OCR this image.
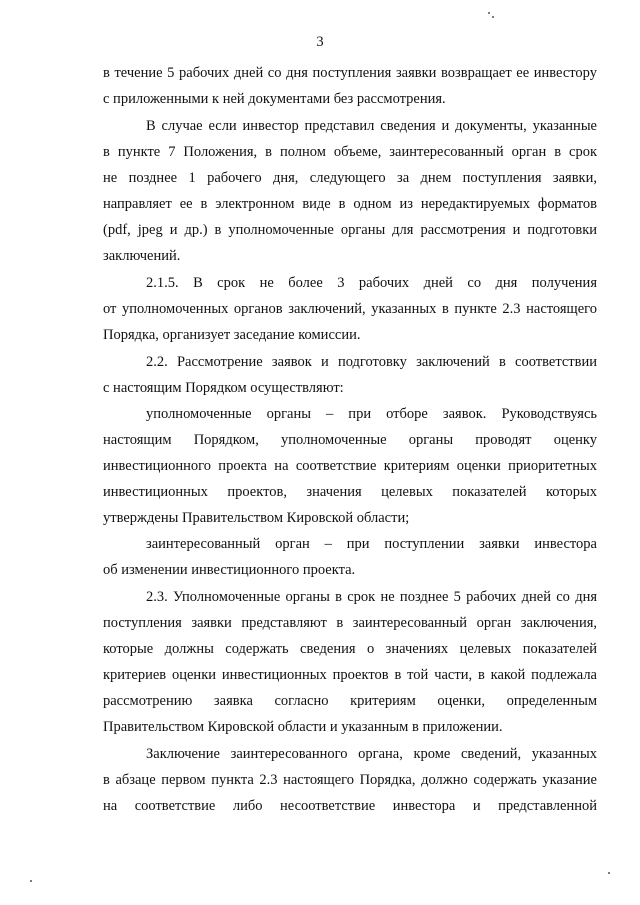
3
в течение 5 рабочих дней со дня поступления заявки возвращает ее инвестору
с приложенными к ней документами без рассмотрения.
В случае если инвестор представил сведения и документы, указанные
в пункте 7 Положения, в полном объеме, заинтересованный орган в срок
не позднее 1 рабочего дня, следующего за днем поступления заявки,
направляет ее в электронном виде в одном из нередактируемых форматов
(pdf, jpeg и др.) в уполномоченные органы для рассмотрения и подготовки
заключений.
2.1.5. В срок не более 3 рабочих дней со дня получения
от уполномоченных органов заключений, указанных в пункте 2.3 настоящего
Порядка, организует заседание комиссии.
2.2. Рассмотрение заявок и подготовку заключений в соответствии
с настоящим Порядком осуществляют:
уполномоченные органы – при отборе заявок. Руководствуясь
настоящим Порядком, уполномоченные органы проводят оценку
инвестиционного проекта на соответствие критериям оценки приоритетных
инвестиционных проектов, значения целевых показателей которых
утверждены Правительством Кировской области;
заинтересованный орган – при поступлении заявки инвестора
об изменении инвестиционного проекта.
2.3. Уполномоченные органы в срок не позднее 5 рабочих дней со дня
поступления заявки представляют в заинтересованный орган заключения,
которые должны содержать сведения о значениях целевых показателей
критериев оценки инвестиционных проектов в той части, в какой подлежала
рассмотрению заявка согласно критериям оценки, определенным
Правительством Кировской области и указанным в приложении.
Заключение заинтересованного органа, кроме сведений, указанных
в абзаце первом пункта 2.3 настоящего Порядка, должно содержать указание
на соответствие либо несоответствие инвестора и представленной
